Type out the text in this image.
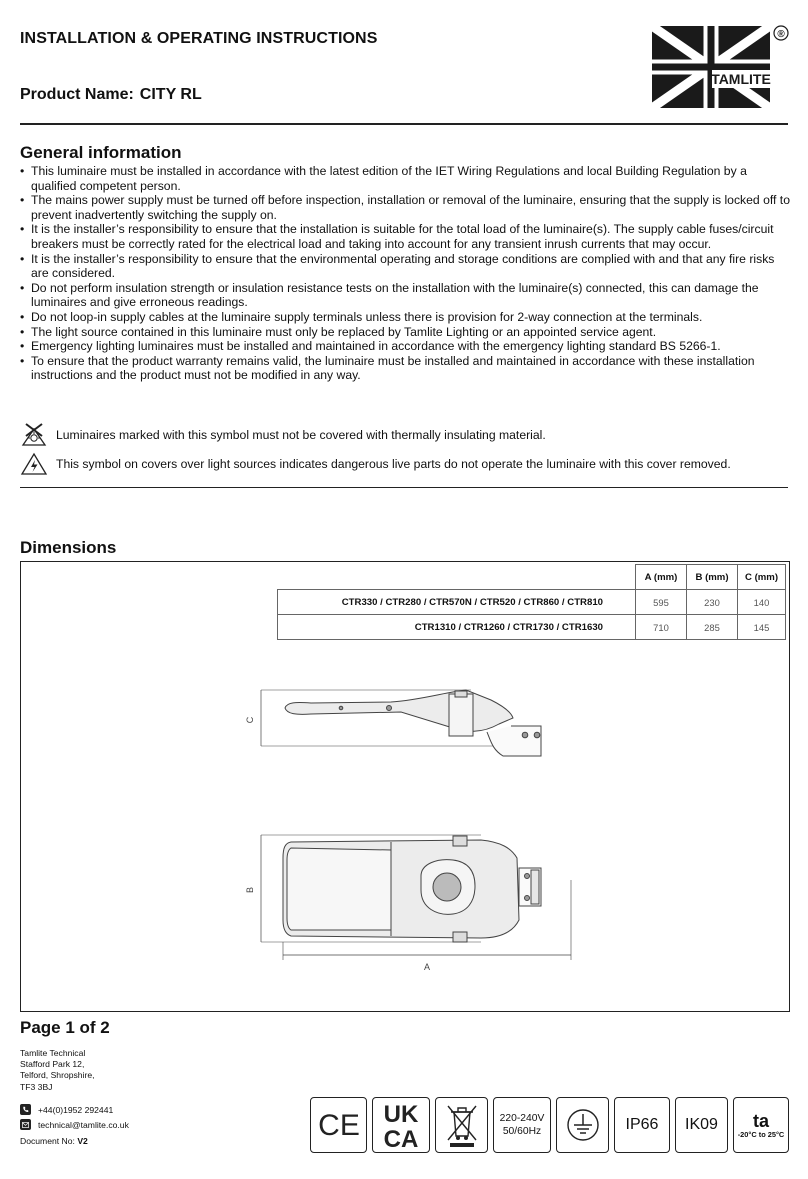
INSTALLATION & OPERATING INSTRUCTIONS
Product Name: CITY RL
TAMLITE
®
General information
• This luminaire must be installed in accordance with the latest edition of the IET Wiring Regulations and local Building Regulation by a qualified competent person.
• The mains power supply must be turned off before inspection, installation or removal of the luminaire, ensuring that the supply is locked off to prevent inadvertently switching the supply on.
• It is the installer’s responsibility to ensure that the installation is suitable for the total load of the luminaire(s). The supply cable fuses/circuit breakers must be correctly rated for the electrical load and taking into account for any transient inrush currents that may occur.
• It is the installer’s responsibility to ensure that the environmental operating and storage conditions are complied with and that any fire risks are considered.
• Do not perform insulation strength or insulation resistance tests on the installation with the luminaire(s) connected, this can damage the luminaires and give erroneous readings.
• Do not loop-in supply cables at the luminaire supply terminals unless there is provision for 2-way connection at the terminals.
• The light source contained in this luminaire must only be replaced by Tamlite Lighting or an appointed service agent.
• Emergency lighting luminaires must be installed and maintained in accordance with the emergency lighting standard BS 5266-1.
• To ensure that the product warranty remains valid, the luminaire must be installed and maintained in accordance with these installation instructions and the product must not be modified in any way.
Luminaires marked with this symbol must not be covered with thermally insulating material.
This symbol on covers over light sources indicates dangerous live parts do not operate the luminaire with this cover removed.
Dimensions
	A (mm)	B (mm)	C (mm)
CTR330 / CTR280 / CTR570N / CTR520 / CTR860 / CTR810	595	230	140
CTR1310 / CTR1260 / CTR1730 / CTR1630	710	285	145
C
B
A
Page 1 of 2
Tamlite Technical
Stafford Park 12,
Telford, Shropshire,
TF3 3BJ
+44(0)1952 292441
technical@tamlite.co.uk
Document No: V2	CE UK
CA
220-240V
50/60Hz	IP66	IK09	ta
-20°C to 25°C
